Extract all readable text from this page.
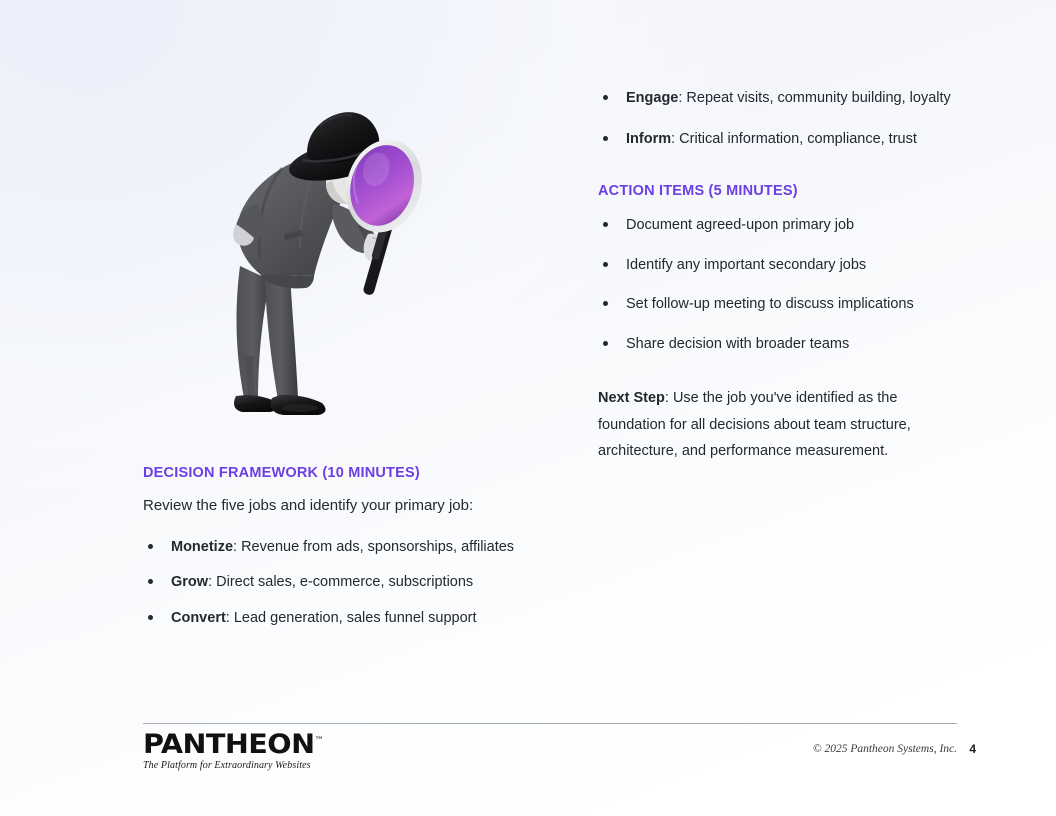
Engage: Repeat visits, community building, loyalty
Inform: Critical information, compliance, trust
ACTION ITEMS (5 MINUTES)
Document agreed-upon primary job
Identify any important secondary jobs
Set follow-up meeting to discuss implications
Share decision with broader teams

Next Step: Use the job you've identified as the foundation for all decisions about team structure, architecture, and performance measurement.

DECISION FRAMEWORK (10 MINUTES)

Review the five jobs and identify your primary job:

Monetize: Revenue from ads, sponsorships, affiliates
Grow: Direct sales, e-commerce, subscriptions
Convert: Lead generation, sales funnel support
PANTHEON™
The Platform for Extraordinary Websites
© 2025 Pantheon Systems, Inc. 4
